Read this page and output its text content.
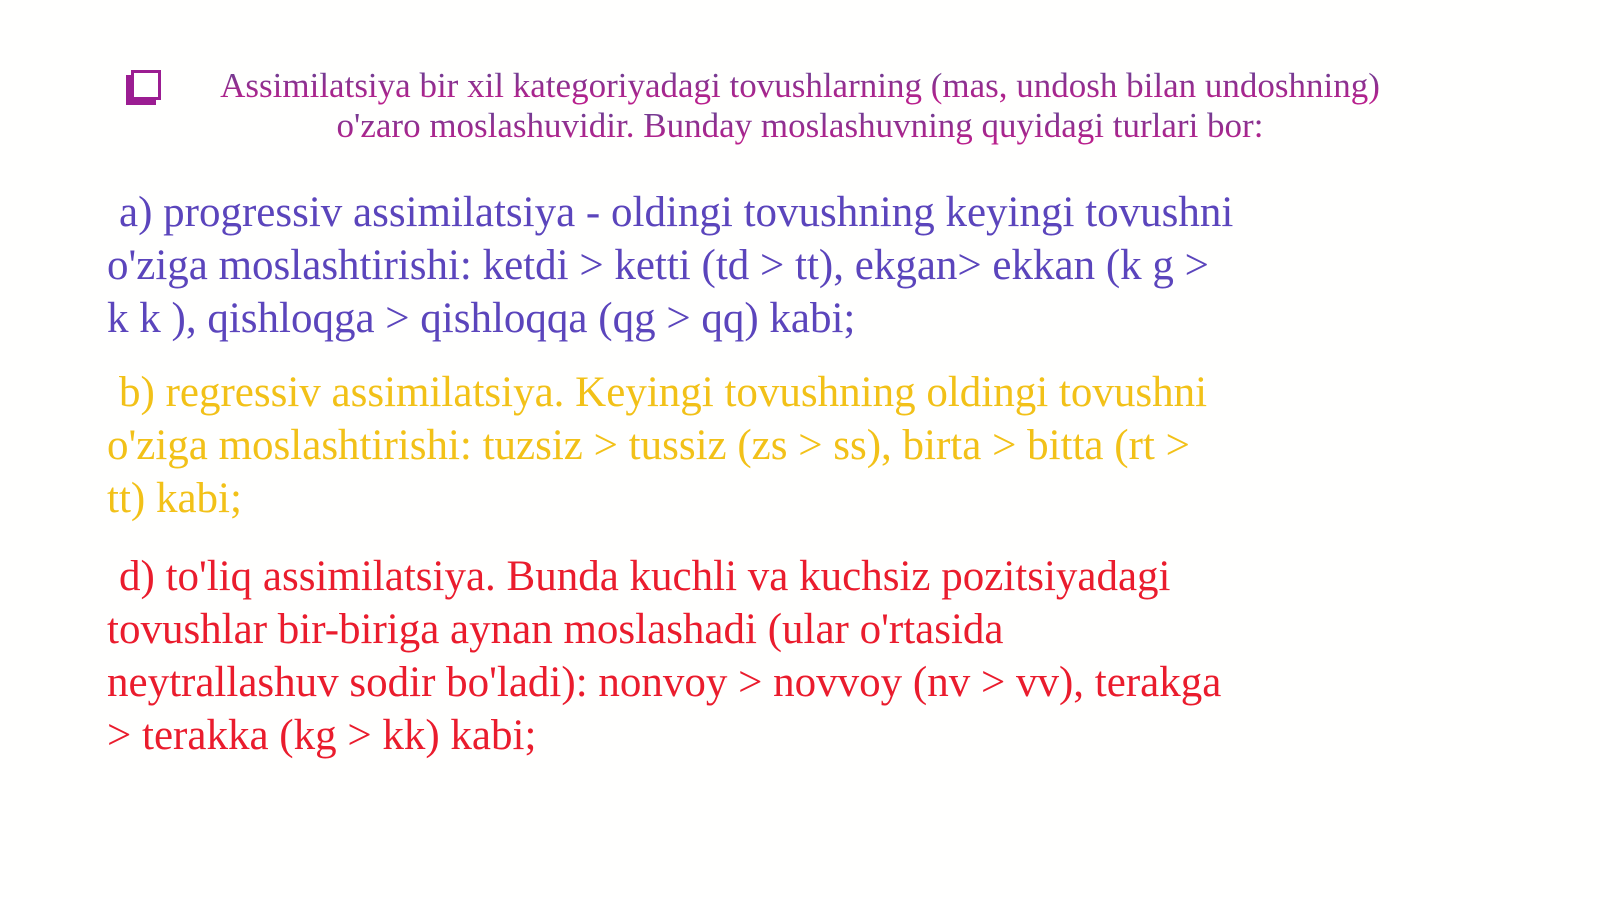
Assimilatsiya bir xil kategoriyadagi tovushlarning (mas, undosh bilan undoshning)
o'zaro moslashuvidir. Bunday moslashuvning quyidagi turlari bor:
a) progressiv assimilatsiya - oldingi tovushning keyingi tovushni
o'ziga moslashtirishi: ketdi > ketti (td > tt), ekgan> ekkan (k g >
k k ), qishloqga > qishloqqa (qg > qq) kabi;
b) regressiv assimilatsiya. Keyingi tovushning oldingi tovushni
o'ziga moslashtirishi: tuzsiz > tussiz (zs > ss), birta > bitta (rt >
tt) kabi;
d) to'liq assimilatsiya. Bunda kuchli va kuchsiz pozitsiyadagi
tovushlar bir-biriga aynan moslashadi (ular o'rtasida
neytrallashuv sodir bo'ladi): nonvoy > novvoy (nv > vv), terakga
> terakka (kg > kk) kabi;
